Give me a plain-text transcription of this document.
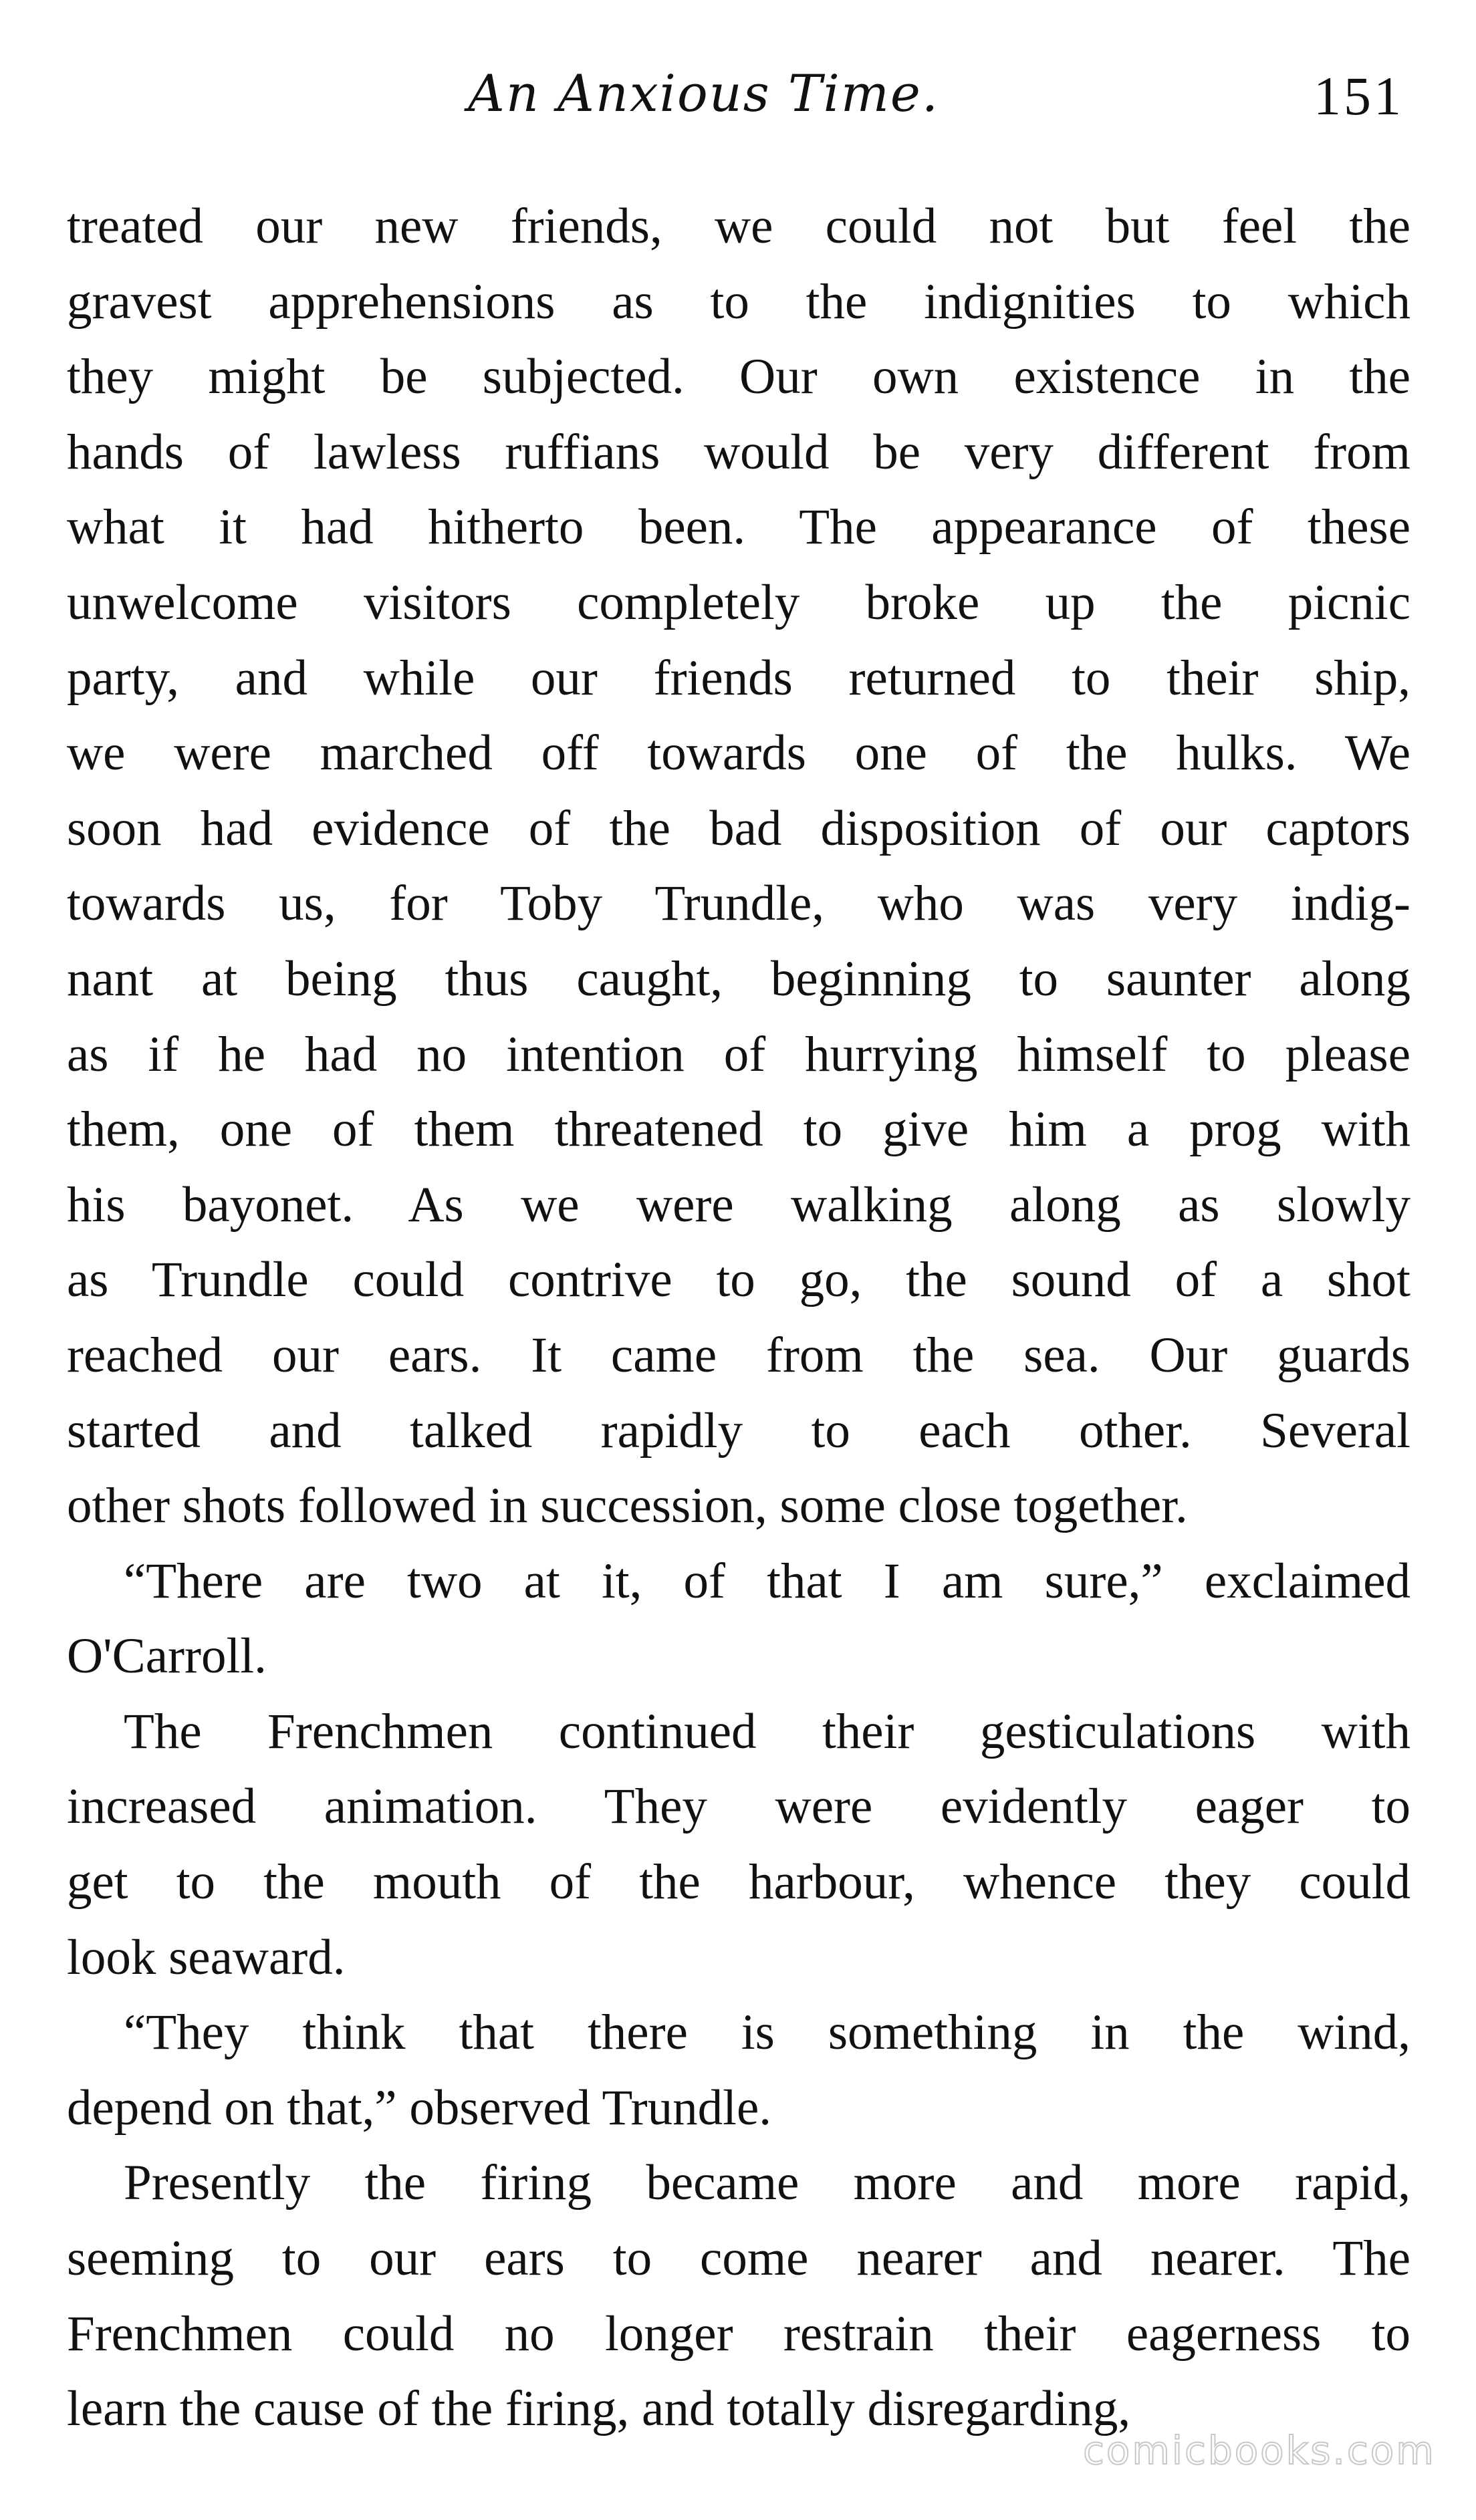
An Anxious Time.	151
treated our new friends, we could not but feel the
gravest apprehensions as to the indignities to which
they might be subjected. Our own existence in the
hands of lawless ruffians would be very different from
what it had hitherto been. The appearance of these
unwelcome visitors completely broke up the picnic
party, and while our friends returned to their ship,
we were marched off towards one of the hulks. We
soon had evidence of the bad disposition of our captors
towards us, for Toby Trundle, who was very indig-
nant at being thus caught, beginning to saunter along
as if he had no intention of hurrying himself to please
them, one of them threatened to give him a prog with
his bayonet. As we were walking along as slowly
as Trundle could contrive to go, the sound of a shot
reached our ears. It came from the sea. Our guards
started and talked rapidly to each other. Several
other shots followed in succession, some close together.
“There are two at it, of that I am sure,” exclaimed
O'Carroll.
The Frenchmen continued their gesticulations with
increased animation. They were evidently eager to
get to the mouth of the harbour, whence they could
look seaward.
“They think that there is something in the wind,
depend on that,” observed Trundle.
Presently the firing became more and more rapid,
seeming to our ears to come nearer and nearer. The
Frenchmen could no longer restrain their eagerness to
learn the cause of the firing, and totally disregarding,
comicbooks.com
